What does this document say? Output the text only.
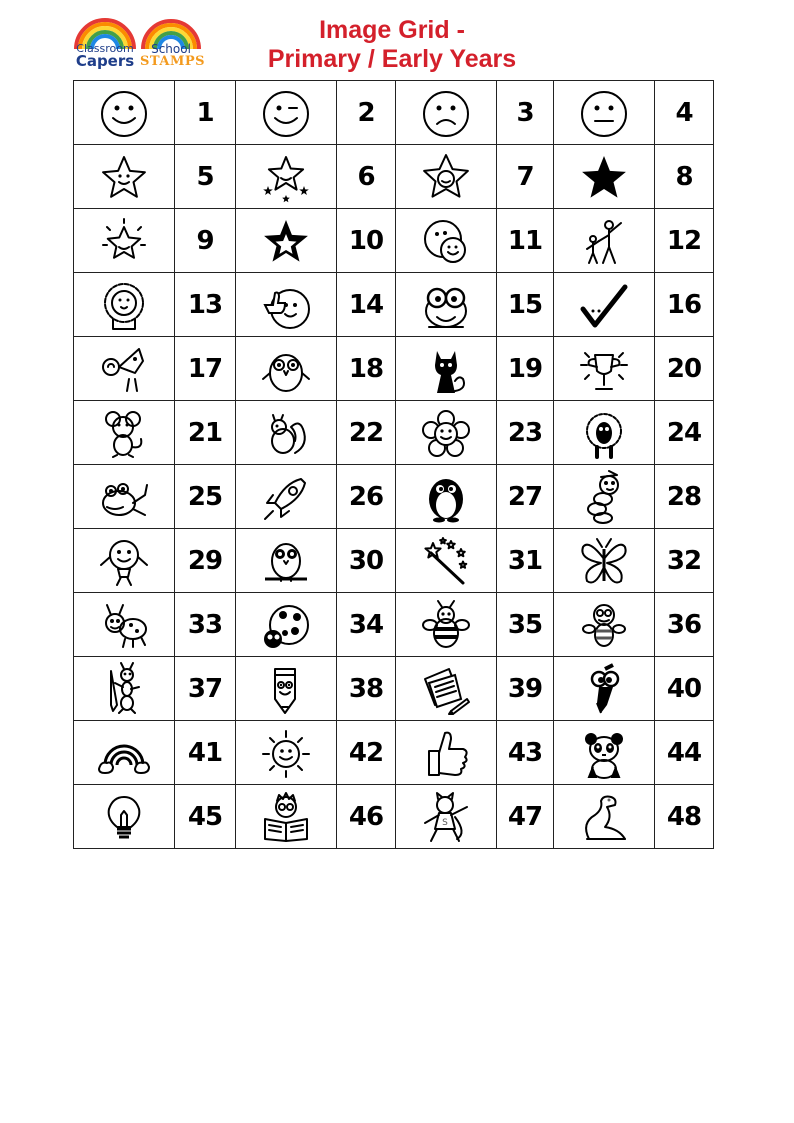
Classroom
Capers
School
STAMPS
Image Grid -
Primary / Early Years
	1		2		3		4

	5		6		7		8

	9		10		11		12

	13		14		15		16

	17		18		19		20

	21		22		23		24

	25		26		27		28

	29		30		31		32

	33		34		35		36

	37		38		39		40

	41		42		43		44

	45		46	S	47		48
